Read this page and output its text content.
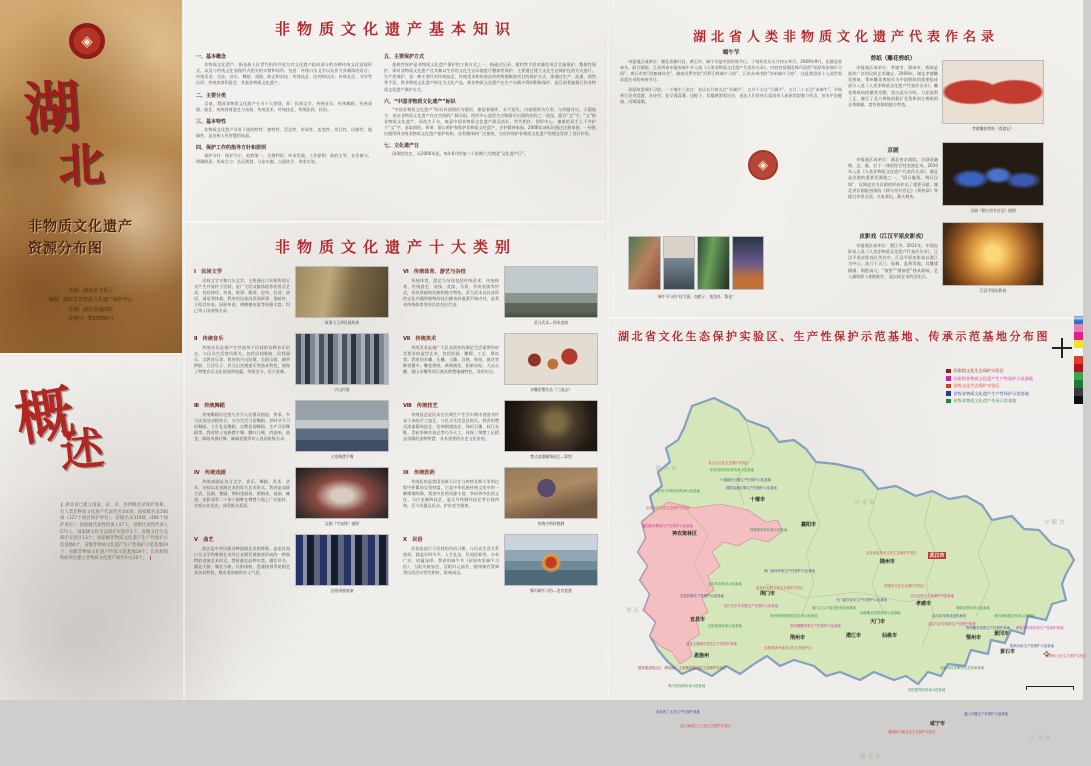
◈
湖
北
非物质文化遗产
资源分布图
监制 湖北省文化厅
编制 湖北省非物质文化遗产保护中心
印制 湖北省地图院
审图号 鄂S5555号
概
述
❙ 湖北省已建立国家、省、市、县四级名录保护体系，有人类非物质文化遗产代表作名录4项；国家级名录100项（127个项目保护单位），省级名录316项（466个保护单位）；国家级代表性传承人57人，省级代表性传承人571人；国家级文化生态保护实验区1个，省级文化生态保护实验区13个；国家级非物质文化遗产生产性保护示范基地6个，省级非物质文化遗产生产性保护示范基地19个；省级非物质文化遗产传承示范基地19个；在高校和科研单位建立非物质文化遗产研究中心10个。 ❙
非物质文化遗产基本知识
一、基本概念
非物质文化遗产，指各族人民世代相传并视为其文化遗产组成部分的各种传统文化表现形式，以及与传统文化表现形式相关的实物和场所。包括：传统口头文学以及作为其载体的语言；传统美术、书法、音乐、舞蹈、戏剧、曲艺和杂技；传统技艺、医药和历法；传统礼仪、节庆等民俗；传统体育和游艺；其他非物质文化遗产。
二、主要分类
目前，我国非物质文化遗产分为十大类别，即：民间文学、传统音乐、传统舞蹈、传统戏剧、曲艺、传统体育游艺与杂技、传统美术、传统技艺、传统医药、民俗。
三、基本特性
非物质文化遗产具有下面的特性：独特性、活态性、传承性、流变性、综合性、民族性、地域性，是各族人民智慧的结晶。
四、保护工作的指导方针和原则
保护方针：保护为主、抢救第一、合理利用、传承发展。工作原则：政府主导、社会参与，明确职责、形成合力；长远规划、分步实施，点面结合、讲求实效。
五、主要保护方式
抢救性保护是非物质文化遗产保护的主要方式之一，指通过记录、建档等手段对濒危项目实施保护。整体性保护，即对非物质文化遗产及其赖以生存的文化生态环境进行整体性保护，主要通过建立文化生态保护区的方式进行。生产性保护，是一种主要针对传统技艺、传统美术和传统医药药物炮制类项目的保护方式，即通过生产、流通、销售等手段，将非物质文化遗产转化为文化产品，使非物质文化遗产在生产实践中得到积极保护，是目前普遍推行的非物质文化遗产保护方式。
六、“中国非物质文化遗产”标识
“中国非物质文化遗产”标识外部图形为圆形，象征着循环，永不消失；内部图形为方形，与外圆对应，天圆地方，表达非物质文化遗产存在空间的广阔无垠。图形中心造型为古陶最早出现的纹样之一鱼纹，隐含“文”字，“文”指非物质文化遗产，而鱼生于水，寓意中国非物质文化遗产源远流长、世代相传。图形中心，抽象的双手上下共护于“文”字，意取团结、和谐、细心呵护和保护非物质文化遗产、守护精神家园。2006年该标识通过注册审批，一经推出便得到各级非物质文化遗产保护机构、各类媒体的广泛使用，为宣传保护非物质文化遗产的理念发挥了良好作用。
七、文化遗产日
国务院决定，从2006年起，每年6月的第二个星期六为我国“文化遗产日”。
◈
非物质文化遗产十大类别
Ⅰ　 民间文学
民间文学又称口头文学，主要通过口耳相传的方式产生并流传于民间，是广大民众集体创作的语言艺术，包括神话、传说、故事、歌谣、史诗、长诗、谚语、谜语等体裁。我省的伍家沟民间故事、黑暗传、王昭君传说、屈原传说、黄鹤楼传说等资源丰富，均已列入国家级名录。
故事大王讲民间故事
Ⅱ　 传统音乐
传统音乐是指产生并流传于民间的各种音乐形式，与民众生活密切相关，包括民间歌曲、民间器乐、宗教音乐等。我省的兴山民歌、长阳山歌、薅草锣鼓、江河号子、武当山宫观道乐等独具特色，展现了荆楚音乐文化的深厚底蕴，传唱至今、历久弥新。
兴山民歌
Ⅲ　 传统舞蹈
传统舞蹈历史悠久并为人民群众创造、传承，多与民俗活动相结合，分为生活习俗舞蹈、岁时节令习俗舞蹈、人生礼仪舞蹈、宗教信仰舞蹈、生产习俗舞蹈等。我省的土家族摆手舞、撒叶儿嗬、肉连响、高龙、郧阳凤凰灯舞、麻城花挑等均入选国家级名录。
土家族摆手舞
Ⅳ　 传统戏剧
传统戏剧是包含文学、音乐、舞蹈、美术、武术、杂技以及表演艺术的综合艺术形式。我省是戏剧大省，汉剧、楚剧、荆州花鼓戏、黄梅戏、南剧、傩戏、皮影戏等二十余个剧种在荆楚大地上广泛流传，名家名作迭出，深受群众喜爱。
汉剧《宇宙锋》剧照
Ⅴ　 曲艺
曲艺是中华民族各种说唱艺术的统称，是由民间口头文学和歌唱艺术经过长期发展演变形成的一种独特的表演艺术形式。我省曲艺品种丰富，湖北评书、湖北大鼓、湖北小曲、长阳南曲、恩施扬琴等说唱艺术各具特色，散发着浓郁的乡土气息。
长阳南曲表演
Ⅵ　 传统体育、游艺与杂技
传统体育、游艺与杂技包括传统武术、传统体育、传统游艺、杂技、竞技、马戏、乔装表演等形式，具有浓郁的民族和地方特色。武当武术以其深厚的文化内涵和独特的技击健身价值蜚声海内外，是我省传统体育类项目的杰出代表。
武当武术—剑术表演
Ⅶ　 传统美术
传统美术是指广大民众创作的满足生活需要和审美要求的造型艺术，包括绘画、雕塑、工艺、建筑等。我省的木雕、石雕、玉雕、汉绣、剪纸、挑花等种类繁多，雕花剪纸、黄梅挑花、阳新布贴、大冶石雕、通山木雕等项目独具荆楚地域特色，异彩纷呈。
木雕彩塑作品《三国志》
Ⅷ　 传统技艺
传统技艺是民众在长期生产生活实践中创造并传承下来的手工技艺，与民众生活息息相关。我省的楚式漆器髹饰技艺、铅锡刻镂技艺、绿松石雕、枝江布鞋、青砖茶制作技艺等巧夺天工，体现了荆楚工匠精益求精的造物智慧，具有重要的历史文化价值。
楚式漆器髹饰技艺—彩绘
Ⅸ　 传统医药
传统医药是我国各族人民在与疾病长期斗争的过程中积累的宝贵财富，它是中华民族传统文化中的一颗璀璨明珠。我省中医药资源丰富，李时珍中医药文化、马应龙制药技艺、夏氏丹药制作技艺等名扬四海，至今仍惠及民众、护佑苍生健康。
传统中药材炮制
Ⅹ　 民俗
民俗是流行于民间的风俗习惯，与民众生活关系密切，涵盖岁时节令、人生礼仪、民间信仰等，分布广泛、底蕴深厚。我省的端午节（屈原故里端午习俗）、当阳关陵庙会、汉阳归元庙会、随州神农祭典等民俗活动世代相传，影响深远。
秭归端午习俗—龙舟竞渡
湖北省人类非物质文化遗产代表作名录
端午节

申报地区或单位：湖北省秭归县、黄石市。端午节是中国传统节日，于每年农历五月初五举行。2009年9月，由湖北省牵头，联合湖南、江苏两省申报的端午节入选《人类非物质文化遗产代表作名录》，内容包括湖北秭归县的“屈原故里端午习俗”、黄石市的“西塞神舟会”、湖南汨罗市的“汨罗江畔端午习俗”、江苏苏州市的“苏州端午习俗”，这是我国首个入选世界非遗名录的传统节日。

屈原故里端午习俗，一个端午三次过：农历五月初五过“头端午”，五月十五过“大端午”，五月二十五过“末端午”。节间举行龙舟竞渡、办诗会、挂艾蒿菖蒲、包粽子、饮雄黄酒等活动，表达人们对伟大爱国诗人屈原的崇敬与怀念，祈求平安健康、风调雨顺。

端午节习俗“挂艾蒿、包粽子、划龙舟、祭祀”
剪纸（雕花剪纸）

申报地区或单位：孝感市、鄂州市。剪纸是流传广泛的民间艺术瑰宝。2009年，湖北孝感雕花剪纸、鄂州雕花剪纸作为中国剪纸的重要组成部分入选《人类非物质文化遗产代表作名录》。雕花剪纸构图繁茂完整、黑白虚实分明、刀法流利工正，融合了北方剪纸的粗犷苍劲和南方剪纸的灵秀细腻，富有浓郁的地方特色。

孝感雕花剪纸《西游记》
京剧

申报地区或单位：湖北省京剧院。京剧是融唱、念、做、打于一体的综合性表演艺术，2010年入选《人类非物质文化遗产代表作名录》。湖北是京剧的重要发源地之一，“班曰徽班、调曰汉调”，汉调进京为京剧的形成作出了重要贡献。湖北省京剧院创排的《徐九经升官记》《膏药章》等剧目享誉全国，名家辈出，薪火相传。

京剧《徐九经升官记》剧照
皮影戏（江汉平原皮影戏）

申报地区或单位：潜江市。2011年，中国皮影戏入选《人类非物质文化遗产代表作名录》，江汉平原皮影戏位列其中。江汉平原皮影戏以潜江为中心，流行于天门、仙桃、监利等地，其雕镂精细、唱腔高亢，“歌腔”“渔鼓腔”独具韵味，艺人操纵影人栩栩如生，是民间艺术的活化石。

江汉平原皮影戏
湖北省文化生态保护实验区、生产性保护示范基地、传承示范基地分布图
国家级文化生态保护实验区
国家级非物质文化遗产生产性保护示范基地
省级文化生态保护实验区
省级非物质文化遗产生产性保护示范基地
省级非物质文化遗产传承示范基地
武当山文化生态保护实验区
伍家沟民间故事传承示范基地
十堰绿松石雕生产性保护示范基地
老河口木版年画传承示范基地
房县诗经文化生态保护实验区
襄阳程河柳编生产性保护示范基地
郧阳凤凰灯舞生产性保护示范基地
保康黑暗传传承示范基地
炎帝神农故里文化生态保护实验区
荆门漳河风筝生产性保护示范基地
远安呜音传承示范基地
屈家岭农耕文化生态保护实验区
宜昌彩陶生产性保护示范基地
枝江步步升布鞋生产性保护示范基地
荆州铅锡刻镂技艺传承示范基地
荆州磨鹰风筝生产性保护示范基地
潜江江汉平原皮影戏传承基地
天门蓝印花布生产性保护示范基地
仙桃雕花剪纸传承示范基地
孝感孝文化生态保护实验区
武汉汉绣生产性保护示范基地
武汉高龙城非遗传承园
武汉马应龙制药生产性保护基地
黄陂泥塑传承示范基地
鄂州雕花剪纸生产性保护基地
黄冈黄梅挑花传承示范基地
蕲春李时珍医药生产性保护基地
阳新布贴生产性保护示范基地
黄梅戏文化生态保护实验区
赤壁青砖茶制作技艺传承基地
崇阳提琴戏传承示范基地
通山木雕生产性保护示范基地
通城拍打舞文化生态保护实验区
长阳南曲传承示范基地
恩施玉露制作技艺生产性保护基地
利川肉连响传承示范基地
来凤西兰卡普生产性保护基地
清江流域巴土文化生态保护实验区
宜都青林寺谜语文化生态保护区
国家级武陵山区（鄂西南）土家族苗族文化生态保护实验区
十堰市
神农架林区
襄阳市
随州市
荆门市
孝感市
鄂州市
黄冈市
黄石市
咸宁市
荆州市
宜昌市
恩施州
天门市
仙桃市
潜江市
陕西省
河南省
安徽省
江西省
湖南省
重庆市
武汉市
✧
